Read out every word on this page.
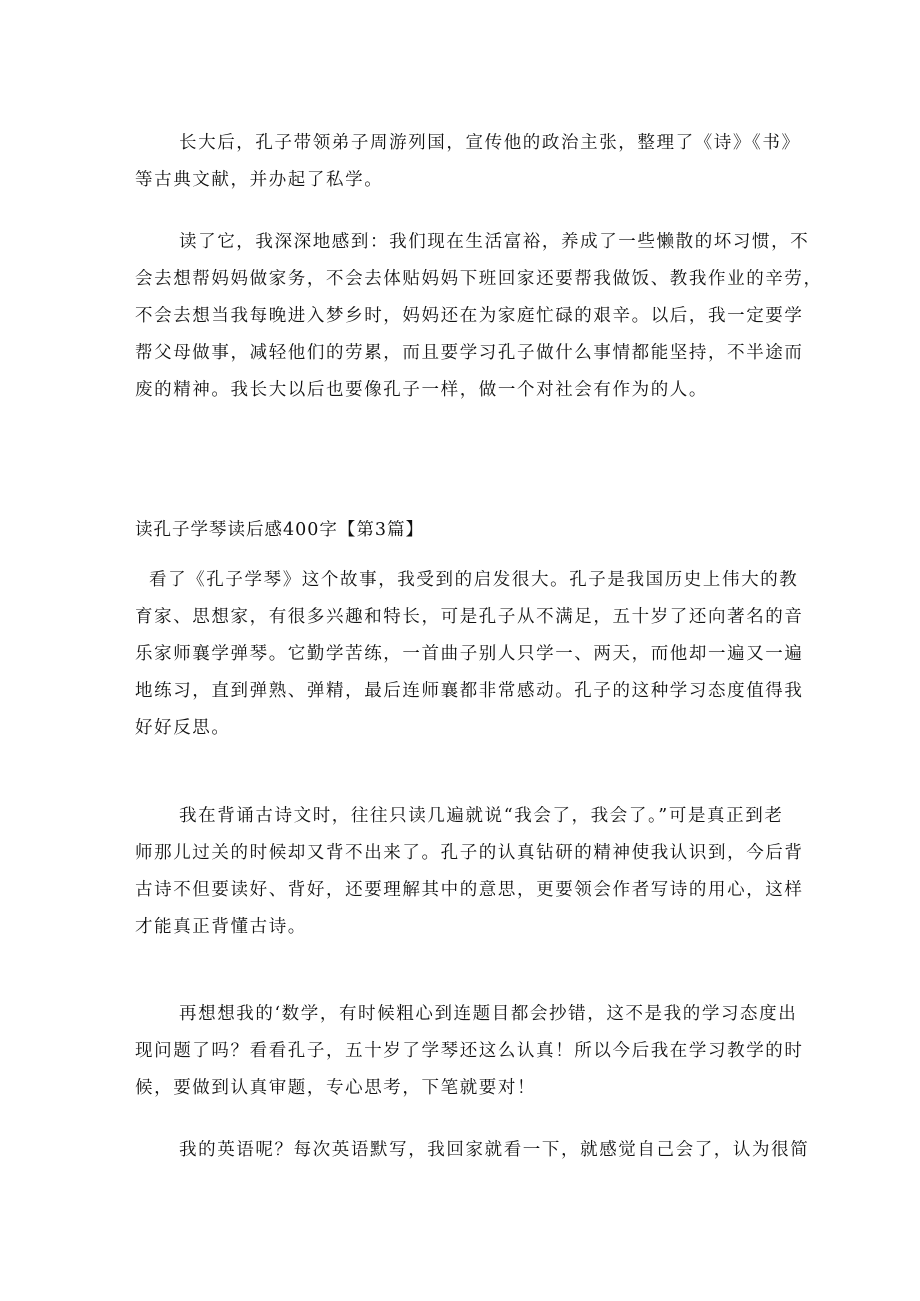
长大后，孔子带领弟子周游列国，宣传他的政治主张，整理了《诗》《书》
等古典文献，并办起了私学。

读了它，我深深地感到：我们现在生活富裕，养成了一些懒散的坏习惯，不
会去想帮妈妈做家务，不会去体贴妈妈下班回家还要帮我做饭、教我作业的辛劳，
不会去想当我每晚进入梦乡时，妈妈还在为家庭忙碌的艰辛。以后，我一定要学
帮父母做事，减轻他们的劳累，而且要学习孔子做什么事情都能坚持，不半途而
废的精神。我长大以后也要像孔子一样，做一个对社会有作为的人。

读孔子学琴读后感400字【第3篇】

看了《孔子学琴》这个故事，我受到的启发很大。孔子是我国历史上伟大的教
育家、思想家，有很多兴趣和特长，可是孔子从不满足，五十岁了还向著名的音
乐家师襄学弹琴。它勤学苦练，一首曲子别人只学一、两天，而他却一遍又一遍
地练习，直到弹熟、弹精，最后连师襄都非常感动。孔子的这种学习态度值得我
好好反思。

我在背诵古诗文时，往往只读几遍就说“我会了，我会了。”可是真正到老
师那儿过关的时候却又背不出来了。孔子的认真钻研的精神使我认识到，今后背
古诗不但要读好、背好，还要理解其中的意思，更要领会作者写诗的用心，这样
才能真正背懂古诗。

再想想我的‘数学，有时候粗心到连题目都会抄错，这不是我的学习态度出
现问题了吗？看看孔子，五十岁了学琴还这么认真！所以今后我在学习教学的时
候，要做到认真审题，专心思考，下笔就要对！

我的英语呢？每次英语默写，我回家就看一下，就感觉自己会了，认为很简
